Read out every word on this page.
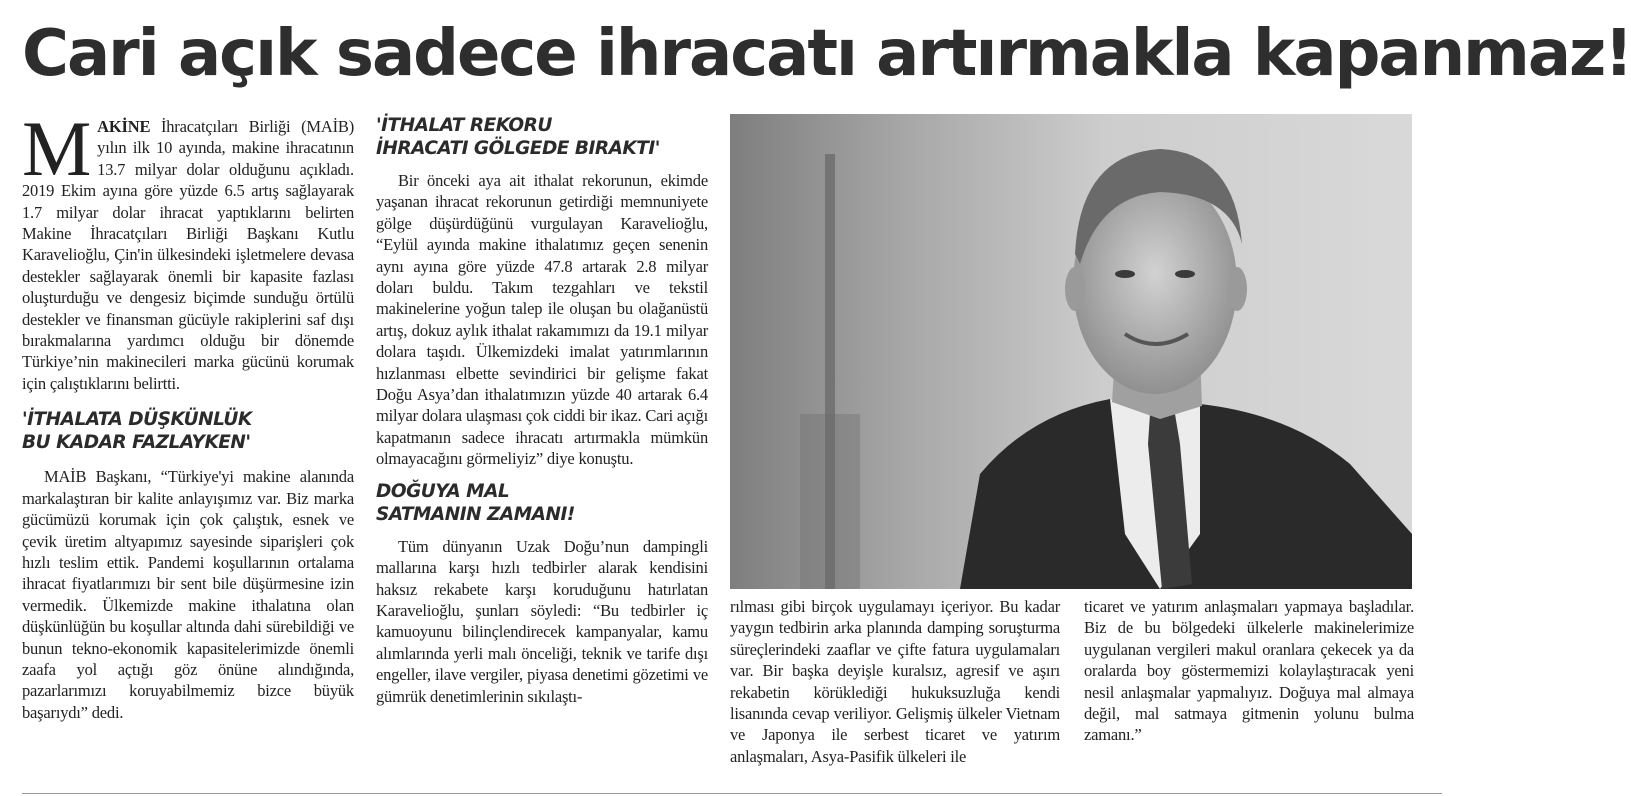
Cari açık sadece ihracatı artırmakla kapanmaz!

MAKİNE İhracatçıları Birliği (MAİB) yılın ilk 10 ayında, makine ihracatının 13.7 milyar dolar olduğunu açıkladı. 2019 Ekim ayına göre yüzde 6.5 artış sağlayarak 1.7 milyar dolar ihracat yaptıklarını belirten Makine İhracatçıları Birliği Başkanı Kutlu Karavelioğlu, Çin'in ülkesindeki işletmelere devasa destekler sağlayarak önemli bir kapasite fazlası oluşturduğu ve dengesiz biçimde sunduğu örtülü destekler ve finansman gücüyle rakiplerini saf dışı bırakmalarına yardımcı olduğu bir dönemde Türkiye’nin makinecileri marka gücünü korumak için çalıştıklarını belirtti.

'İTHALATA DÜŞKÜNLÜK
BU KADAR FAZLAYKEN'

MAİB Başkanı, “Türkiye'yi makine alanında markalaştıran bir kalite anlayışımız var. Biz marka gücümüzü korumak için çok çalıştık, esnek ve çevik üretim altyapımız sayesinde siparişleri çok hızlı teslim ettik. Pandemi koşullarının ortalama ihracat fiyatlarımızı bir sent bile düşürmesine izin vermedik. Ülkemizde makine ithalatına olan düşkünlüğün bu koşullar altında dahi sürebildiği ve bunun tekno-ekonomik kapasitelerimizde önemli zaafa yol açtığı göz önüne alındığında, pazarlarımızı koruyabilmemiz bizce büyük başarıydı” dedi.

'İTHALAT REKORU
İHRACATI GÖLGEDE BIRAKTI'

Bir önceki aya ait ithalat rekorunun, ekimde yaşanan ihracat rekorunun getirdiği memnuniyete gölge düşürdüğünü vurgulayan Karavelioğlu, “Eylül ayında makine ithalatımız geçen senenin aynı ayına göre yüzde 47.8 artarak 2.8 milyar doları buldu. Takım tezgahları ve tekstil makinelerine yoğun talep ile oluşan bu olağanüstü artış, dokuz aylık ithalat rakamımızı da 19.1 milyar dolara taşıdı. Ülkemizdeki imalat yatırımlarının hızlanması elbette sevindirici bir gelişme fakat Doğu Asya’dan ithalatımızın yüzde 40 artarak 6.4 milyar dolara ulaşması çok ciddi bir ikaz. Cari açığı kapatmanın sadece ihracatı artırmakla mümkün olmayacağını görmeliyiz” diye konuştu.

DOĞUYA MAL
SATMANIN ZAMANI!

Tüm dünyanın Uzak Doğu’nun dampingli mallarına karşı hızlı tedbirler alarak kendisini haksız rekabete karşı koruduğunu hatırlatan Karavelioğlu, şunları söyledi: “Bu tedbirler iç kamuoyunu bilinçlendirecek kampanyalar, kamu alımlarında yerli malı önceliği, teknik ve tarife dışı engeller, ilave vergiler, piyasa denetimi gözetimi ve gümrük denetimlerinin sıkılaştı-

rılması gibi birçok uygulamayı içeriyor. Bu kadar yaygın tedbirin arka planında damping soruşturma süreçlerindeki zaaflar ve çifte fatura uygulamaları var. Bir başka deyişle kuralsız, agresif ve aşırı rekabetin körüklediği hukuksuzluğa kendi lisanında cevap veriliyor. Gelişmiş ülkeler Vietnam ve Japonya ile serbest ticaret ve yatırım anlaşmaları, Asya-Pasifik ülkeleri ile

ticaret ve yatırım anlaşmaları yapmaya başladılar. Biz de bu bölgedeki ülkelerle makinelerimize uygulanan vergileri makul oranlara çekecek ya da oralarda boy göstermemizi kolaylaştıracak yeni nesil anlaşmalar yapmalıyız. Doğuya mal almaya değil, mal satmaya gitmenin yolunu bulma zamanı.”
